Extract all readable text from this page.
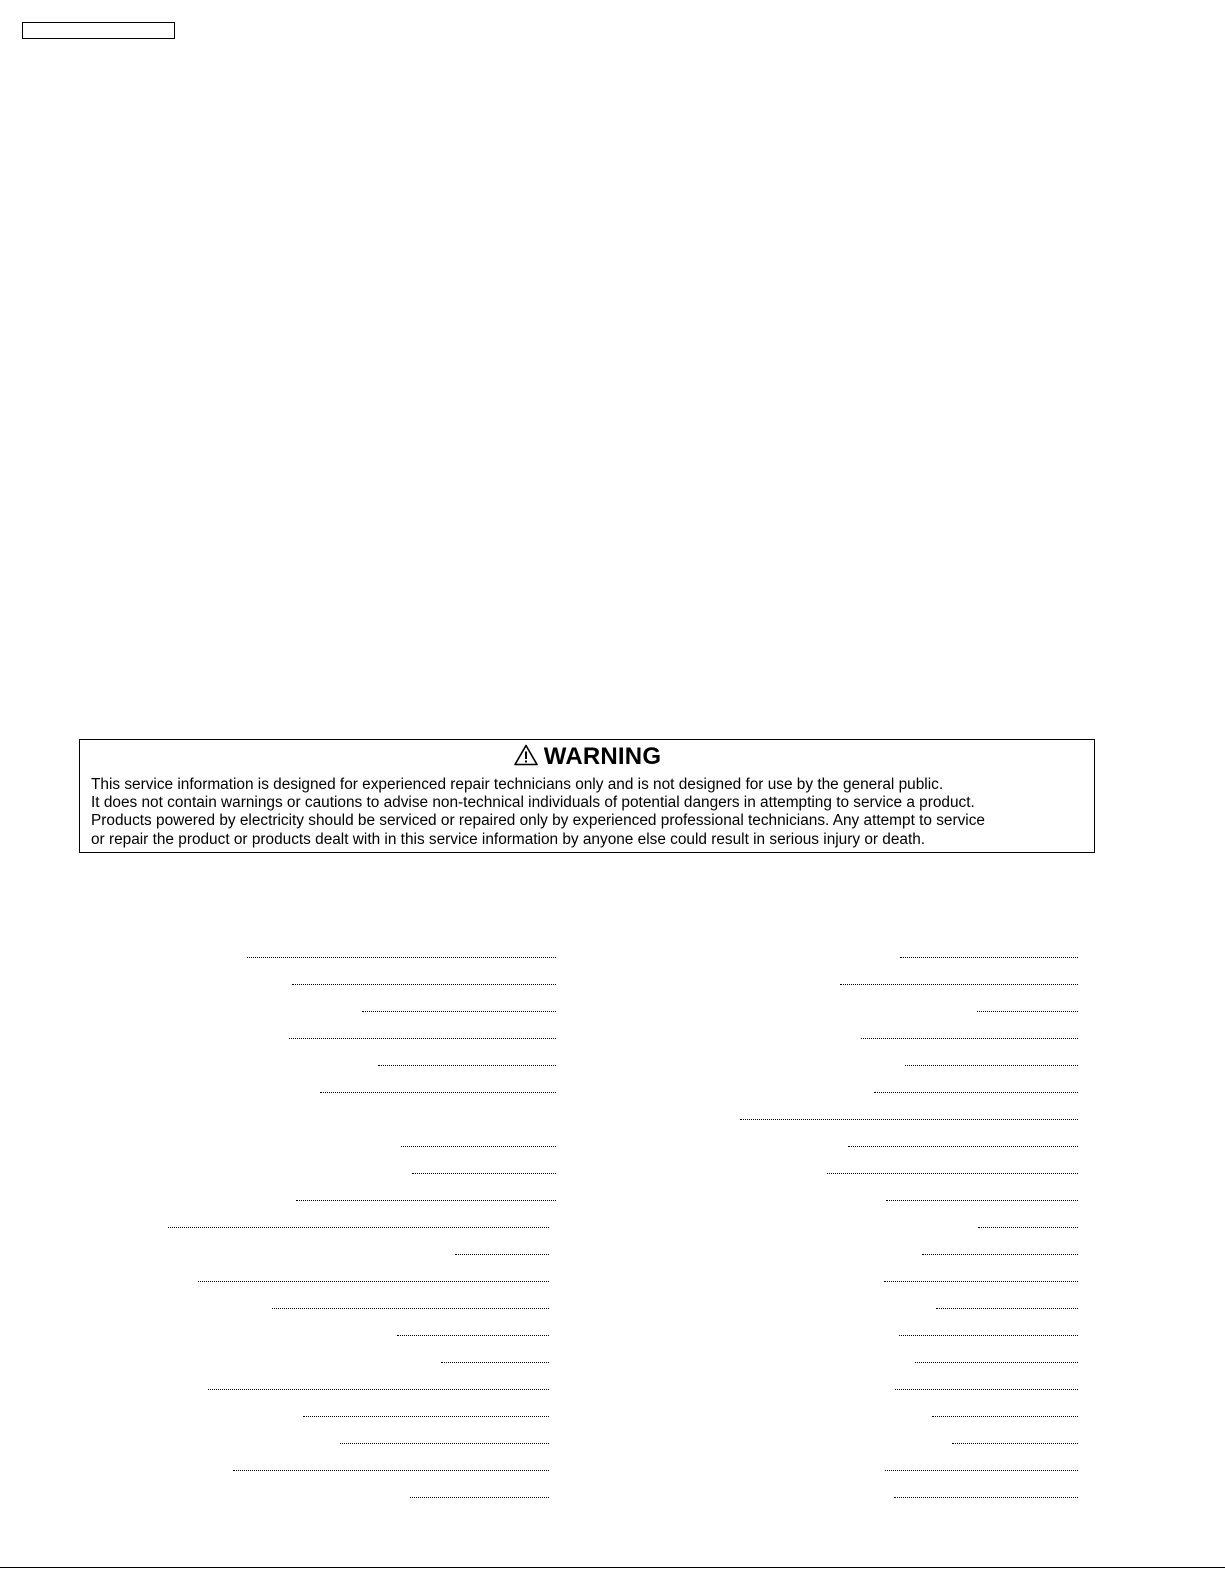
WARNING

This service information is designed for experienced repair technicians only and is not designed for use by the general public.

It does not contain warnings or cautions to advise non-technical individuals of potential dangers in attempting to service a product.

Products powered by electricity should be serviced or repaired only by experienced professional technicians. Any attempt to service

or repair the product or products dealt with in this service information by anyone else could result in serious injury or death.
